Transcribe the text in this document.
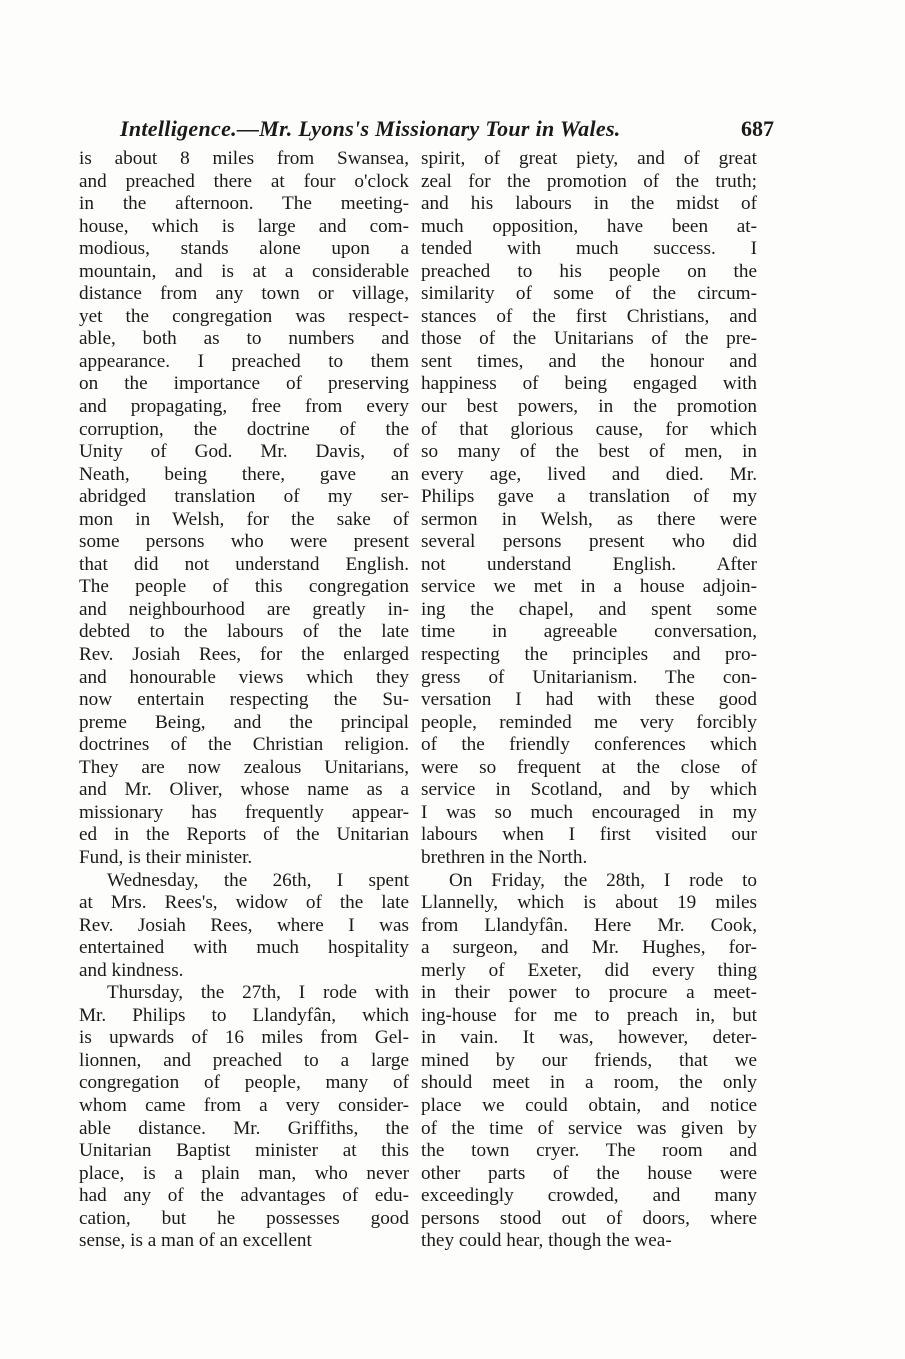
Intelligence.—Mr. Lyons's Missionary Tour in Wales.	687
is about 8 miles from Swansea,
and preached there at four o'clock
in the afternoon. The meeting-
house, which is large and com-
modious, stands alone upon a
mountain, and is at a considerable
distance from any town or village,
yet the congregation was respect-
able, both as to numbers and
appearance. I preached to them
on the importance of preserving
and propagating, free from every
corruption, the doctrine of the
Unity of God. Mr. Davis, of
Neath, being there, gave an
abridged translation of my ser-
mon in Welsh, for the sake of
some persons who were present
that did not understand English.
The people of this congregation
and neighbourhood are greatly in-
debted to the labours of the late
Rev. Josiah Rees, for the enlarged
and honourable views which they
now entertain respecting the Su-
preme Being, and the principal
doctrines of the Christian religion.
They are now zealous Unitarians,
and Mr. Oliver, whose name as a
missionary has frequently appear-
ed in the Reports of the Unitarian
Fund, is their minister.
Wednesday, the 26th, I spent
at Mrs. Rees's, widow of the late
Rev. Josiah Rees, where I was
entertained with much hospitality
and kindness.
Thursday, the 27th, I rode with
Mr. Philips to Llandyfân, which
is upwards of 16 miles from Gel-
lionnen, and preached to a large
congregation of people, many of
whom came from a very consider-
able distance. Mr. Griffiths, the
Unitarian Baptist minister at this
place, is a plain man, who never
had any of the advantages of edu-
cation, but he possesses good
sense, is a man of an excellent
spirit, of great piety, and of great
zeal for the promotion of the truth;
and his labours in the midst of
much opposition, have been at-
tended with much success. I
preached to his people on the
similarity of some of the circum-
stances of the first Christians, and
those of the Unitarians of the pre-
sent times, and the honour and
happiness of being engaged with
our best powers, in the promotion
of that glorious cause, for which
so many of the best of men, in
every age, lived and died. Mr.
Philips gave a translation of my
sermon in Welsh, as there were
several persons present who did
not understand English. After
service we met in a house adjoin-
ing the chapel, and spent some
time in agreeable conversation,
respecting the principles and pro-
gress of Unitarianism. The con-
versation I had with these good
people, reminded me very forcibly
of the friendly conferences which
were so frequent at the close of
service in Scotland, and by which
I was so much encouraged in my
labours when I first visited our
brethren in the North.
On Friday, the 28th, I rode to
Llannelly, which is about 19 miles
from Llandyfân. Here Mr. Cook,
a surgeon, and Mr. Hughes, for-
merly of Exeter, did every thing
in their power to procure a meet-
ing-house for me to preach in, but
in vain. It was, however, deter-
mined by our friends, that we
should meet in a room, the only
place we could obtain, and notice
of the time of service was given by
the town cryer. The room and
other parts of the house were
exceedingly crowded, and many
persons stood out of doors, where
they could hear, though the wea-
